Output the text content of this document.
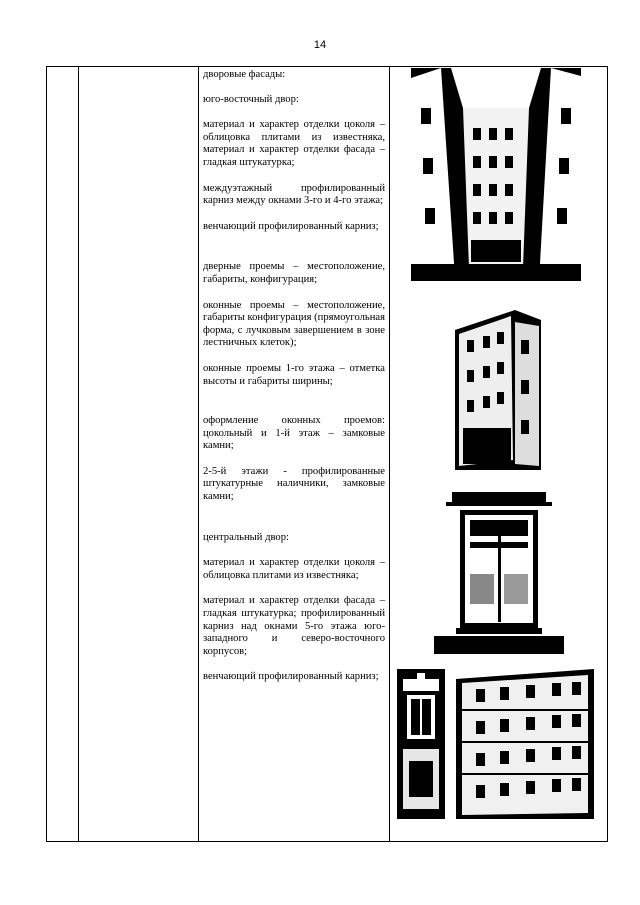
14

дворовые фасады:

юго-восточный двор:

материал и характер отделки цоколя – облицовка плитами из известняка, материал и характер отделки фасада – гладкая штукатурка;

междуэтажный профилированный карниз между окнами 3-го и 4-го этажа;

венчающий профилированный карниз;

дверные проемы – местоположение, габариты, конфигурация;

оконные проемы – местоположение, габариты конфигурация (прямоугольная форма, с лучковым завершением в зоне лестничных клеток);

оконные проемы 1-го этажа – отметка высоты и габариты ширины;

оформление оконных проемов: цокольный и 1-й этаж – замковые камни;

2-5-й этажи - профилированные штукатурные наличники, замковые камни;

центральный двор:

материал и характер отделки цоколя – облицовка плитами из известняка;

материал и характер отделки фасада – гладкая штукатурка; профилированный карниз над окнами 5-го этажа юго-западного и северо-восточного корпусов;

венчающий профилированный карниз;
